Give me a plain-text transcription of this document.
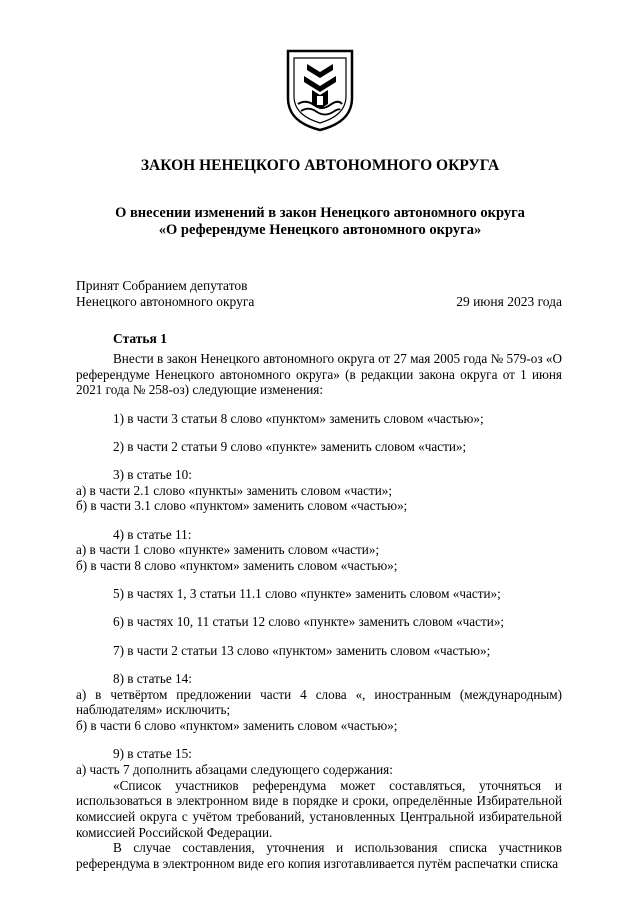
ЗАКОН НЕНЕЦКОГО АВТОНОМНОГО ОКРУГА
О внесении изменений в закон Ненецкого автономного округа
«О референдуме Ненецкого автономного округа»
Принят Собранием депутатов
Ненецкого автономного округа	29 июня 2023 года
Статья 1

Внести в закон Ненецкого автономного округа от 27 мая 2005 года № 579-оз «О референдуме Ненецкого автономного округа» (в редакции закона округа от 1 июня 2021 года № 258-оз) следующие изменения:

1) в части 3 статьи 8 слово «пунктом» заменить словом «частью»;

2) в части 2 статьи 9 слово «пункте» заменить словом «части»;

3) в статье 10:

а) в части 2.1 слово «пункты» заменить словом «части»;

б) в части 3.1 слово «пунктом» заменить словом «частью»;

4) в статье 11:

а) в части 1 слово «пункте» заменить словом «части»;

б) в части 8 слово «пунктом» заменить словом «частью»;

5) в частях 1, 3 статьи 11.1 слово «пункте» заменить словом «части»;

6) в частях 10, 11 статьи 12 слово «пункте» заменить словом «части»;

7) в части 2 статьи 13 слово «пунктом» заменить словом «частью»;

8) в статье 14:

а) в четвёртом предложении части 4 слова «, иностранным (международным) наблюдателям» исключить;

б) в части 6 слово «пунктом» заменить словом «частью»;

9) в статье 15:

а) часть 7 дополнить абзацами следующего содержания:

«Список участников референдума может составляться, уточняться и использоваться в электронном виде в порядке и сроки, определённые Избирательной комиссией округа с учётом требований, установленных Центральной избирательной комиссией Российской Федерации.

В случае составления, уточнения и использования списка участников референдума в электронном виде его копия изготавливается путём распечатки списка
